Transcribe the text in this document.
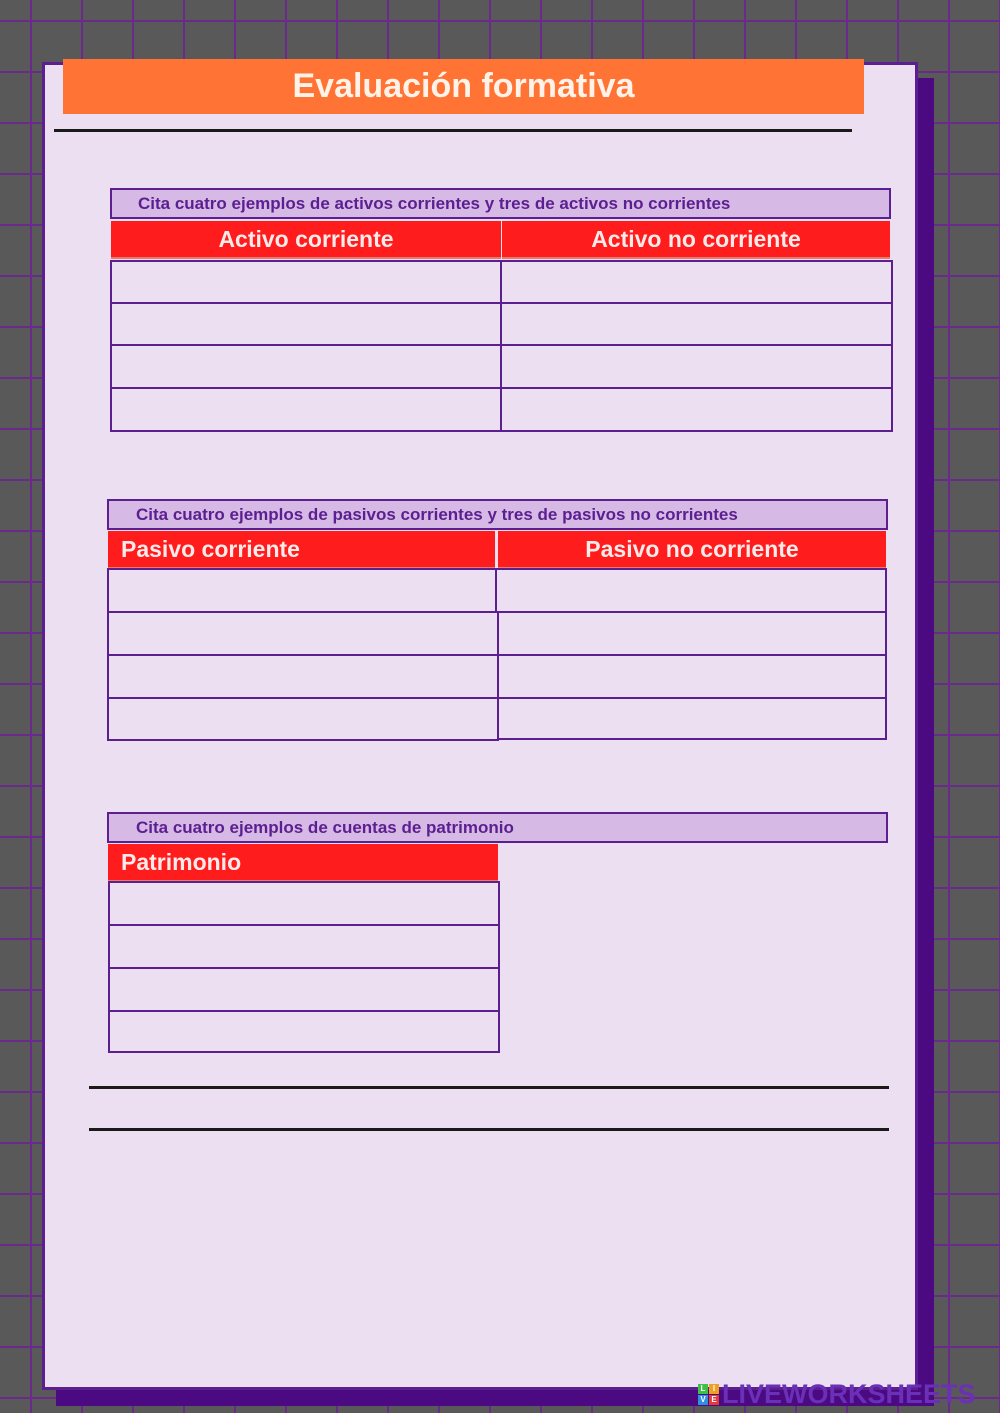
Evaluación formativa
Cita cuatro ejemplos de activos corrientes y tres de activos no corrientes
Activo corriente	Activo no corriente
Cita cuatro ejemplos de pasivos corrientes y tres de pasivos no corrientes
Pasivo corriente	Pasivo no corriente
Cita cuatro ejemplos de cuentas de patrimonio
Patrimonio
L I
V E LIVEWORKSHEETS
